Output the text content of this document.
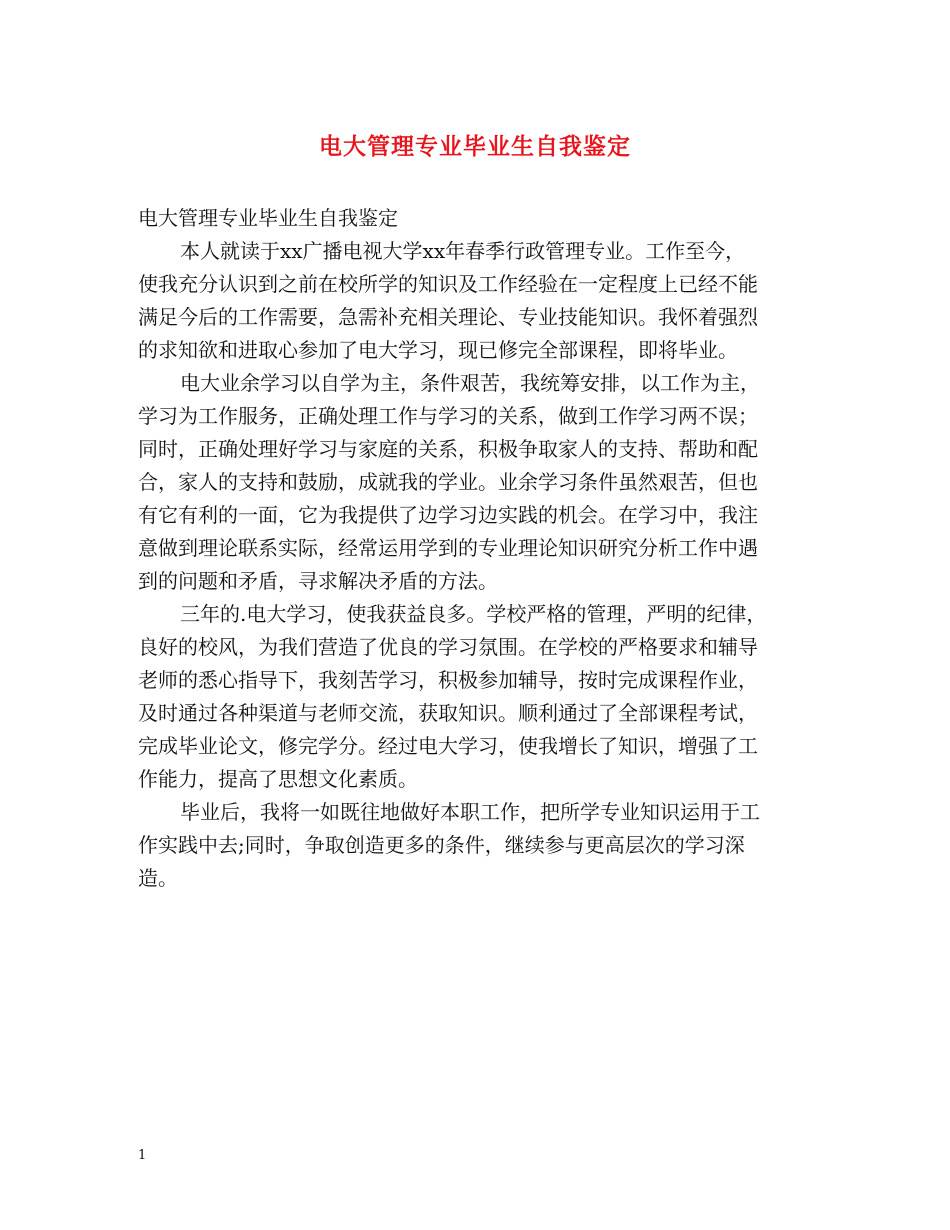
电大管理专业毕业生自我鉴定

电大管理专业毕业生自我鉴定

本人就读于xx广播电视大学xx年春季行政管理专业。工作至今，

使我充分认识到之前在校所学的知识及工作经验在一定程度上已经不能

满足今后的工作需要，急需补充相关理论、专业技能知识。我怀着强烈

的求知欲和进取心参加了电大学习，现已修完全部课程，即将毕业。

电大业余学习以自学为主，条件艰苦，我统筹安排，以工作为主，

学习为工作服务，正确处理工作与学习的关系，做到工作学习两不误；

同时，正确处理好学习与家庭的关系，积极争取家人的支持、帮助和配

合，家人的支持和鼓励，成就我的学业。业余学习条件虽然艰苦，但也

有它有利的一面，它为我提供了边学习边实践的机会。在学习中，我注

意做到理论联系实际，经常运用学到的专业理论知识研究分析工作中遇

到的问题和矛盾，寻求解决矛盾的方法。

三年的.电大学习，使我获益良多。学校严格的管理，严明的纪律，

良好的校风，为我们营造了优良的学习氛围。在学校的严格要求和辅导

老师的悉心指导下，我刻苦学习，积极参加辅导，按时完成课程作业，

及时通过各种渠道与老师交流，获取知识。顺利通过了全部课程考试，

完成毕业论文，修完学分。经过电大学习，使我增长了知识，增强了工

作能力，提高了思想文化素质。

毕业后，我将一如既往地做好本职工作，把所学专业知识运用于工

作实践中去;同时，争取创造更多的条件，继续参与更高层次的学习深

造。

1
